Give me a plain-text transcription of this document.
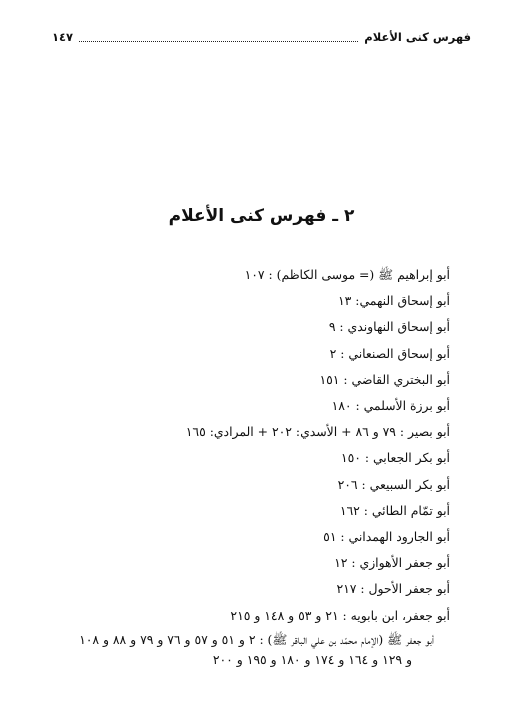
فهرس كنى الأعلام
١٤٧
٢ ـ فهرس كنى الأعلام
أبو إبراهيم ﷺ (= موسى الكاظم) : ١٠٧
أبو إسحاق النهمي: ١٣
أبو إسحاق النهاوندي : ٩
أبو إسحاق الصنعاني : ٢
أبو البختري القاضي : ١٥١
أبو برزة الأسلمي : ١٨٠
أبو بصير : ٧٩ و ٨٦ + الأسدي: ٢٠٢ + المرادي: ١٦٥
أبو بكر الجعابي : ١٥٠
أبو بكر السبيعي : ٢٠٦
أبو تمّام الطائي : ١٦٢
أبو الجارود الهمداني : ٥١
أبو جعفر الأهوازي : ١٢
أبو جعفر الأحول : ٢١٧
أبو جعفر، ابن بابويه : ٢١ و ٥٣ و ١٤٨ و ٢١٥
أبو جعفر ﷺ (الإمام محمّد بن علي الباقر ﷺ) : ٢ و ٥١ و ٥٧ و ٧٦ و ٧٩ و ٨٨ و ١٠٨
و ١٢٩ و ١٦٤ و ١٧٤ و ١٨٠ و ١٩٥ و ٢٠٠
